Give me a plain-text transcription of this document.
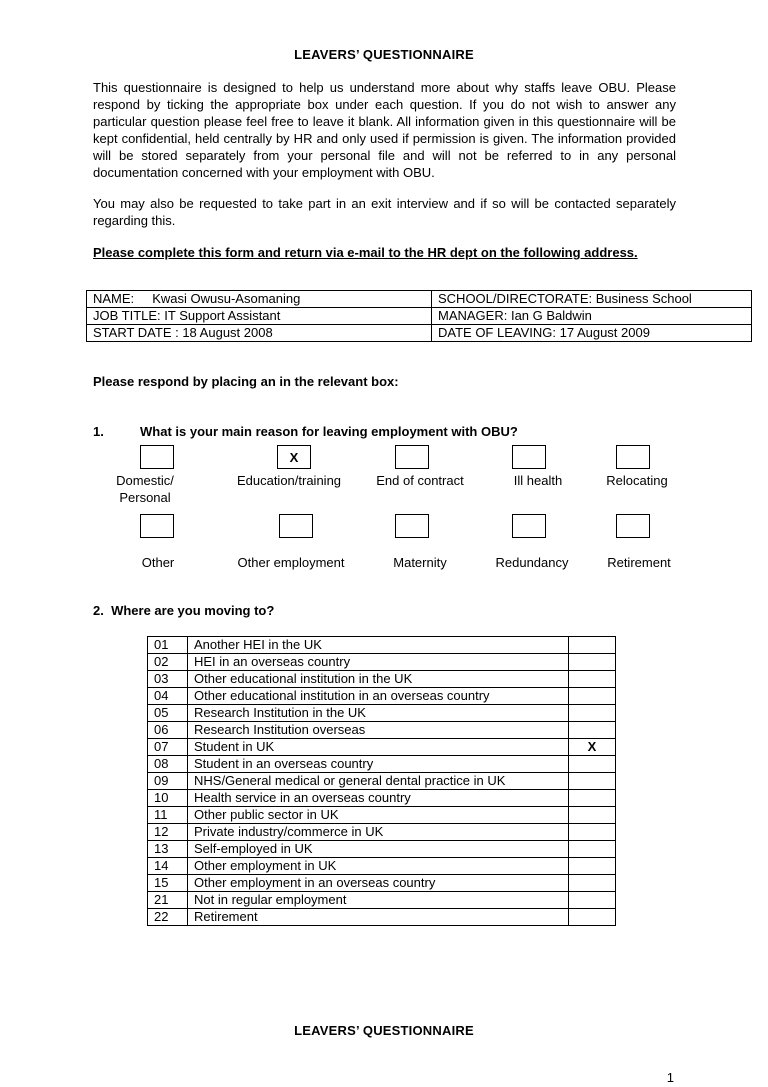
LEAVERS’ QUESTIONNAIRE
This questionnaire is designed to help us understand more about why staffs leave OBU. Please respond by ticking the appropriate box under each question. If you do not wish to answer any particular question please feel free to leave it blank. All information given in this questionnaire will be kept confidential, held centrally by HR and only used if permission is given. The information provided will be stored separately from your personal file and will not be referred to in any personal documentation concerned with your employment with OBU.
You may also be requested to take part in an exit interview and if so will be contacted separately regarding this.
Please complete this form and return via e-mail to the HR dept on the following address.
NAME:     Kwasi Owusu-Asomaning	SCHOOL/DIRECTORATE: Business School
JOB TITLE: IT Support Assistant	MANAGER: Ian G Baldwin
START DATE : 18 August 2008	DATE OF LEAVING: 17 August 2009
Please respond by placing an in the relevant box:
1.	What is your main reason for leaving employment with OBU?
X
Domestic/
Personal
Education/training	End of contract	Ill health	Relocating
Other	Other employment	Maternity	Redundancy	Retirement
2.  Where are you moving to?
01	Another HEI in the UK	
02	HEI in an overseas country	
03	Other educational institution in the UK	
04	Other educational institution in an overseas country	
05	Research Institution in the UK	
06	Research Institution overseas	
07	Student in UK	X
08	Student in an overseas country	
09	NHS/General medical or general dental practice in UK	
10	Health service in an overseas country	
11	Other public sector in UK	
12	Private industry/commerce in UK	
13	Self-employed in UK	
14	Other employment in UK	
15	Other employment in an overseas country	
21	Not in regular employment	
22	Retirement	
LEAVERS’ QUESTIONNAIRE
1
